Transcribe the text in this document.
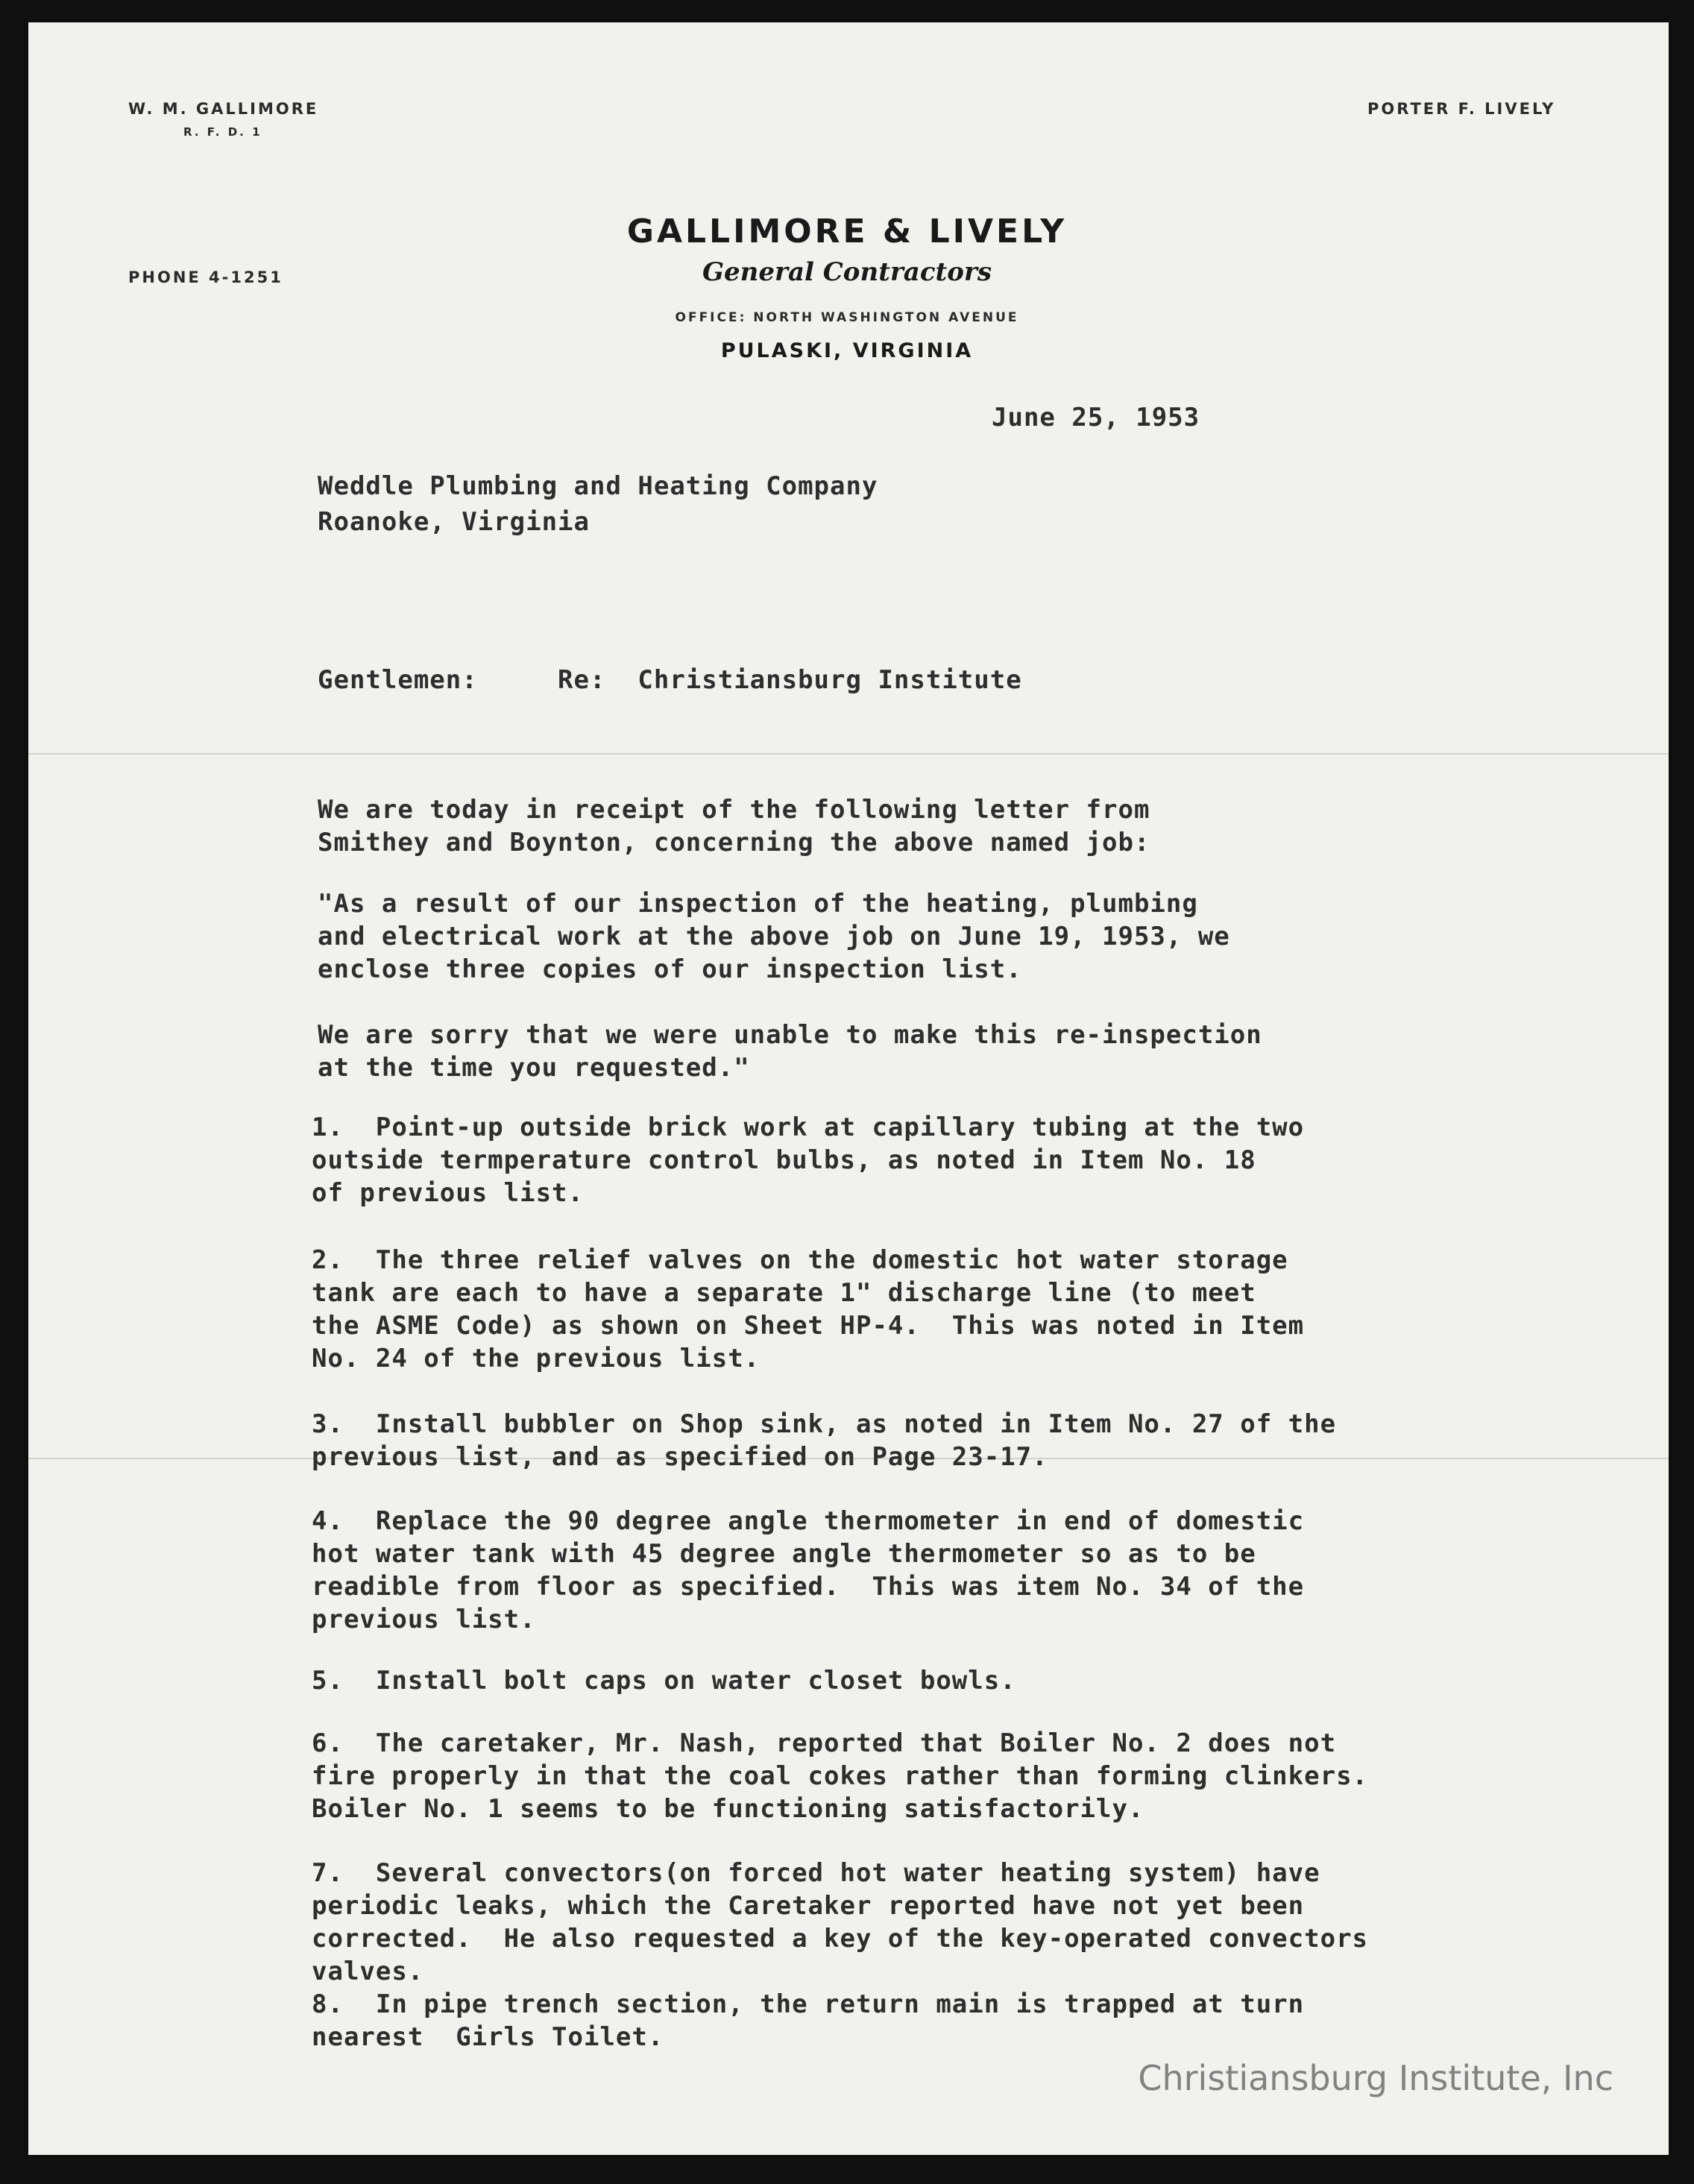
W. M. GALLIMORE
R. F. D. 1
PORTER F. LIVELY
PHONE 4-1251
GALLIMORE & LIVELY
General Contractors
OFFICE: NORTH WASHINGTON AVENUE
PULASKI, VIRGINIA
June 25, 1953
Weddle Plumbing and Heating Company
Roanoke, Virginia
Gentlemen:     Re:  Christiansburg Institute
We are today in receipt of the following letter from
Smithey and Boynton, concerning the above named job:
"As a result of our inspection of the heating, plumbing
and electrical work at the above job on June 19, 1953, we
enclose three copies of our inspection list.
We are sorry that we were unable to make this re-inspection
at the time you requested."
1.  Point-up outside brick work at capillary tubing at the two
outside termperature control bulbs, as noted in Item No. 18
of previous list.
2.  The three relief valves on the domestic hot water storage
tank are each to have a separate 1" discharge line (to meet
the ASME Code) as shown on Sheet HP-4.  This was noted in Item
No. 24 of the previous list.
3.  Install bubbler on Shop sink, as noted in Item No. 27 of the
previous list, and as specified on Page 23-17.
4.  Replace the 90 degree angle thermometer in end of domestic
hot water tank with 45 degree angle thermometer so as to be
readible from floor as specified.  This was item No. 34 of the
previous list.
5.  Install bolt caps on water closet bowls.
6.  The caretaker, Mr. Nash, reported that Boiler No. 2 does not
fire properly in that the coal cokes rather than forming clinkers.
Boiler No. 1 seems to be functioning satisfactorily.
7.  Several convectors(on forced hot water heating system) have
periodic leaks, which the Caretaker reported have not yet been
corrected.  He also requested a key of the key-operated convectors
valves.
8.  In pipe trench section, the return main is trapped at turn
nearest  Girls Toilet.
Christiansburg Institute, Inc
